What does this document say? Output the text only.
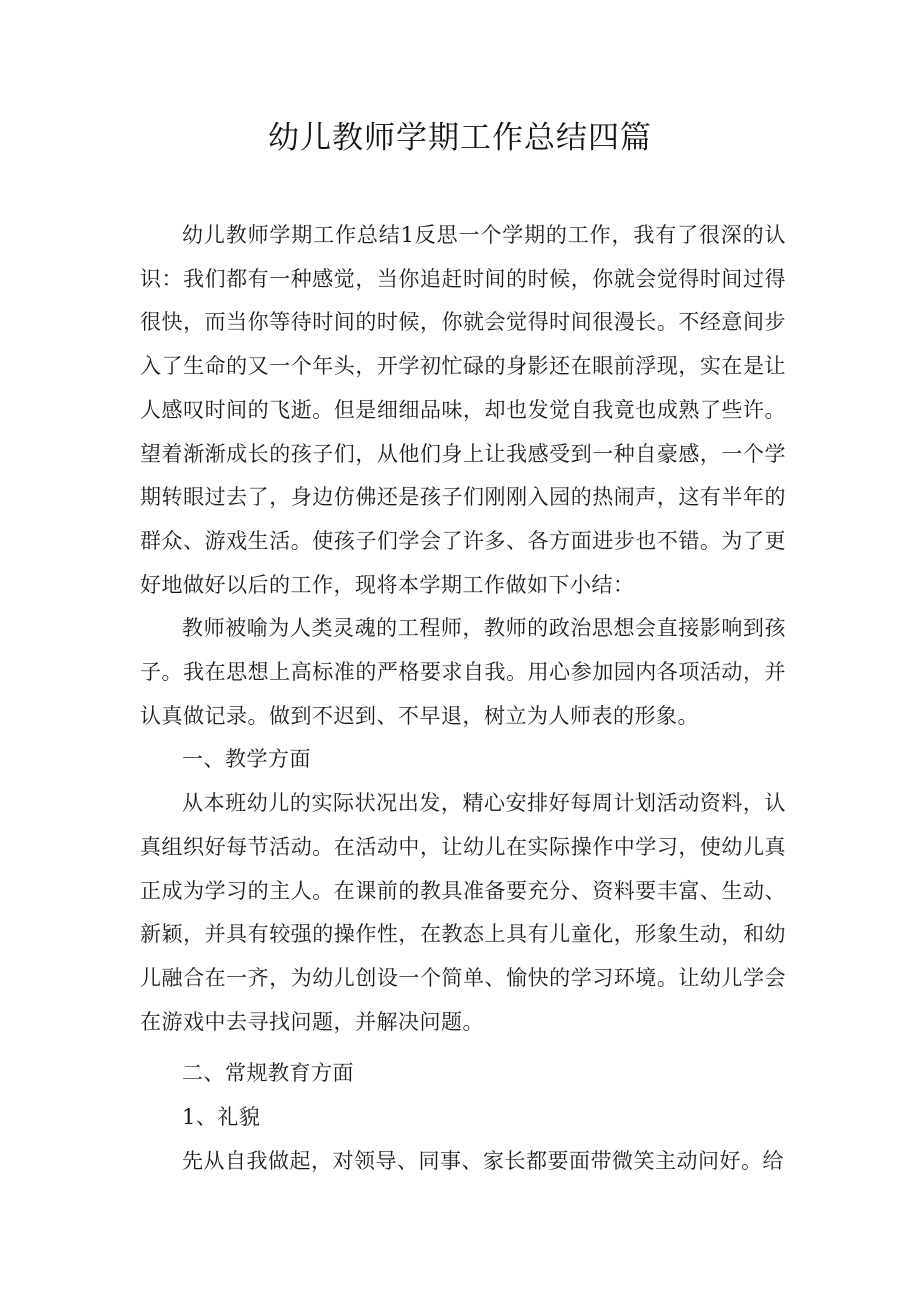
幼儿教师学期工作总结四篇

幼儿教师学期工作总结1反思一个学期的工作，我有了很深的认识：我们都有一种感觉，当你追赶时间的时候，你就会觉得时间过得很快，而当你等待时间的时候，你就会觉得时间很漫长。不经意间步入了生命的又一个年头，开学初忙碌的身影还在眼前浮现，实在是让人感叹时间的飞逝。但是细细品味，却也发觉自我竟也成熟了些许。望着渐渐成长的孩子们，从他们身上让我感受到一种自豪感，一个学期转眼过去了，身边仿佛还是孩子们刚刚入园的热闹声，这有半年的群众、游戏生活。使孩子们学会了许多、各方面进步也不错。为了更好地做好以后的工作，现将本学期工作做如下小结：

教师被喻为人类灵魂的工程师，教师的政治思想会直接影响到孩子。我在思想上高标准的严格要求自我。用心参加园内各项活动，并认真做记录。做到不迟到、不早退，树立为人师表的形象。

一、教学方面

从本班幼儿的实际状况出发，精心安排好每周计划活动资料，认真组织好每节活动。在活动中，让幼儿在实际操作中学习，使幼儿真正成为学习的主人。在课前的教具准备要充分、资料要丰富、生动、新颖，并具有较强的操作性，在教态上具有儿童化，形象生动，和幼儿融合在一齐，为幼儿创设一个简单、愉快的学习环境。让幼儿学会在游戏中去寻找问题，并解决问题。

二、常规教育方面

1、礼貌

先从自我做起，对领导、同事、家长都要面带微笑主动问好。给
